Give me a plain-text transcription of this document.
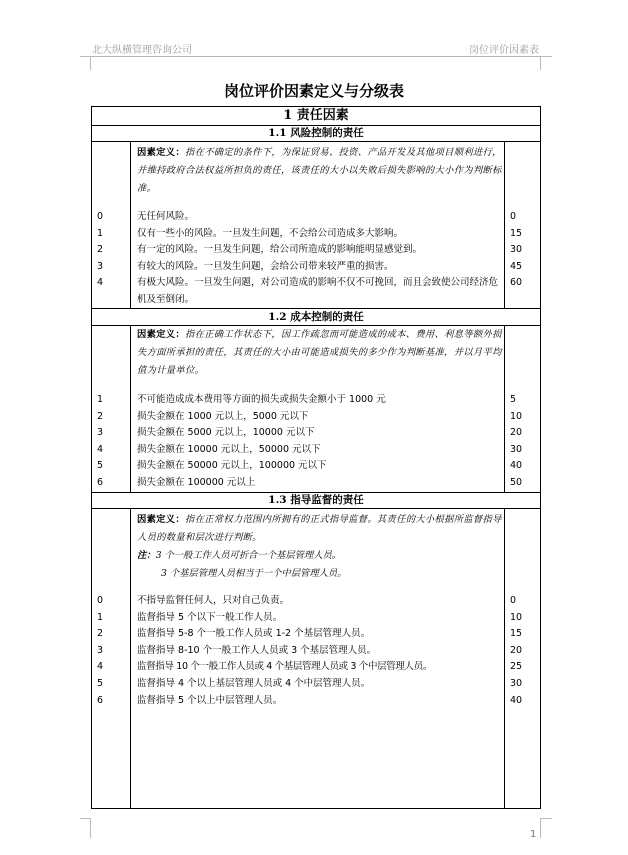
北大纵横管理咨询公司	岗位评价因素表
1
岗位评价因素定义与分级表
1 责任因素
1.1 风险控制的责任
因素定义：指在不确定的条件下，为保证贸易、投资、产品开发及其他项目顺利进行，并维持政府合法权益所担负的责任，该责任的大小以失败后损失影响的大小作为判断标准。
0
1
2
3
4
无任何风险。
仅有一些小的风险。一旦发生问题，不会给公司造成多大影响。
有一定的风险。一旦发生问题，给公司所造成的影响能明显感觉到。
有较大的风险。一旦发生问题，会给公司带来较严重的损害。
有极大风险。一旦发生问题，对公司造成的影响不仅不可挽回，而且会致使公司经济危机及至倒闭。
0
15
30
45
60
1.2 成本控制的责任
因素定义：指在正确工作状态下，因工作疏忽而可能造成的成本、费用、利息等额外损失方面所承担的责任，其责任的大小由可能造成损失的多少作为判断基准，并以月平均值为计量单位。
1
2
3
4
5
6
不可能造成成本费用等方面的损失或损失金额小于 1000 元
损失金额在 1000 元以上，5000 元以下
损失金额在 5000 元以上，10000 元以下
损失金额在 10000 元以上，50000 元以下
损失金额在 50000 元以上，100000 元以下
损失金额在 100000 元以上
5
10
20
30
40
50
1.3 指导监督的责任
因素定义：指在正常权力范围内所拥有的正式指导监督。其责任的大小根据所监督指导人员的数量和层次进行判断。
注：3 个一般工作人员可折合一个基层管理人员。
3 个基层管理人员相当于一个中层管理人员。
0
1
2
3
4
5
6
不指导监督任何人，只对自己负责。
监督指导 5 个以下一般工作人员。
监督指导 5-8 个一般工作人员或 1-2 个基层管理人员。
监督指导 8-10 个一般工作人人员或 3 个基层管理人员。
监督指导 10 个一般工作人员或 4 个基层管理人员或 3 个中层管理人员。
监督指导 4 个以上基层管理人员或 4 个中层管理人员。
监督指导 5 个以上中层管理人员。
0
10
15
20
25
30
40
